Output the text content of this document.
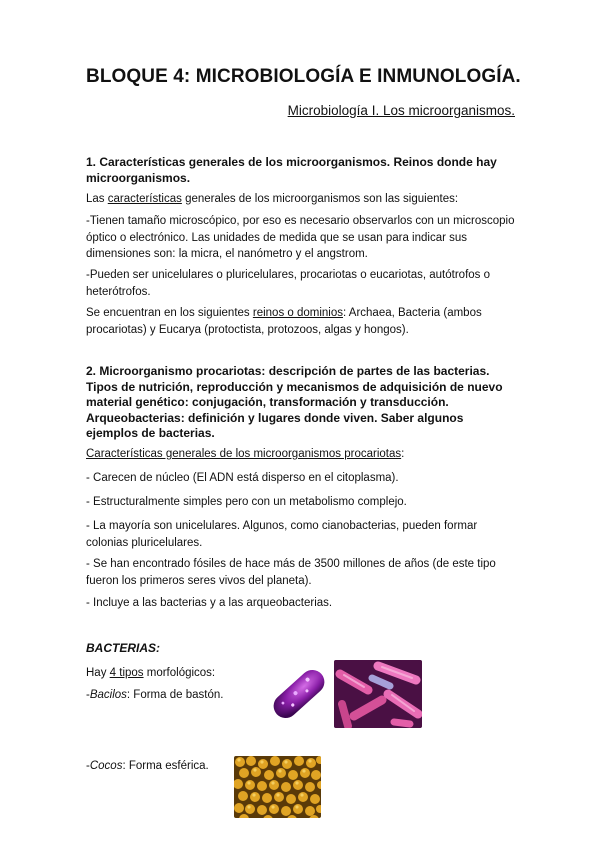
BLOQUE 4: MICROBIOLOGÍA E INMUNOLOGÍA.
Microbiología I. Los microorganismos.

1. Características generales de los microorganismos. Reinos donde hay microorganismos.

Las características generales de los microorganismos son las siguientes:

-Tienen tamaño microscópico, por eso es necesario observarlos con un microscopio óptico o electrónico. Las unidades de medida que se usan para indicar sus dimensiones son: la micra, el nanómetro y el angstrom.

-Pueden ser unicelulares o pluricelulares, procariotas o eucariotas, autótrofos o heterótrofos.

Se encuentran en los siguientes reinos o dominios: Archaea, Bacteria (ambos procariotas) y Eucarya (protoctista, protozoos, algas y hongos).

2. Microorganismo procariotas: descripción de partes de las bacterias. Tipos de nutrición, reproducción y mecanismos de adquisición de nuevo material genético: conjugación, transformación y transducción. Arqueobacterias: definición y lugares donde viven. Saber algunos ejemplos de bacterias.

Características generales de los microorganismos procariotas:

- Carecen de núcleo (El ADN está disperso en el citoplasma).

- Estructuralmente simples pero con un metabolismo complejo.

- La mayoría son unicelulares. Algunos, como cianobacterias, pueden formar colonias pluricelulares.

- Se han encontrado fósiles de hace más de 3500 millones de años (de este tipo fueron los primeros seres vivos del planeta).

- Incluye a las bacterias y a las arqueobacterias.

BACTERIAS:

Hay 4 tipos morfológicos:

-Bacilos: Forma de bastón.

-Cocos: Forma esférica.
